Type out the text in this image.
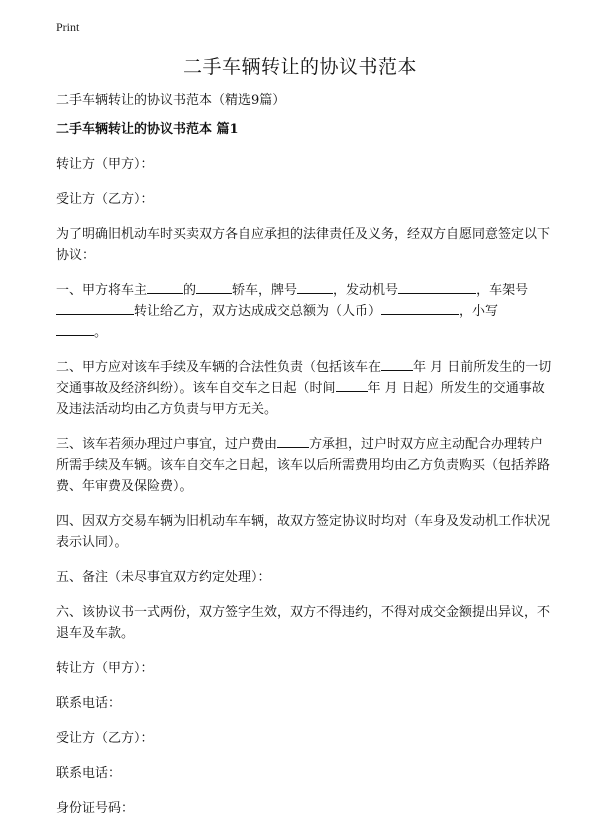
Print
二手车辆转让的协议书范本

二手车辆转让的协议书范本（精选9篇）

二手车辆转让的协议书范本 篇1

转让方（甲方）：

受让方（乙方）：

为了明确旧机动车时买卖双方各自应承担的法律责任及义务，经双方自愿同意签定以下协议：

一、甲方将车主	的	轿车，牌号	，发动机号	，车架号转让给乙方，双方达成成交总额为（人币）	，小写
。

二、甲方应对该车手续及车辆的合法性负责（包括该车在 年 月 日前所发生的一切交通事故及经济纠纷）。该车自交车之日起（时间 年 月 日起）所发生的交通事故及违法活动均由乙方负责与甲方无关。

三、该车若须办理过户事宜，过户费由 方承担，过户时双方应主动配合办理转户所需手续及车辆。该车自交车之日起，该车以后所需费用均由乙方负责购买（包括养路费、年审费及保险费）。

四、因双方交易车辆为旧机动车车辆，故双方签定协议时均对（车身及发动机工作状况表示认同）。

五、备注（未尽事宜双方约定处理）：

六、该协议书一式两份，双方签字生效，双方不得违约，不得对成交金额提出异议，不退车及车款。

转让方（甲方）：

联系电话：

受让方（乙方）：

联系电话：

身份证号码：
